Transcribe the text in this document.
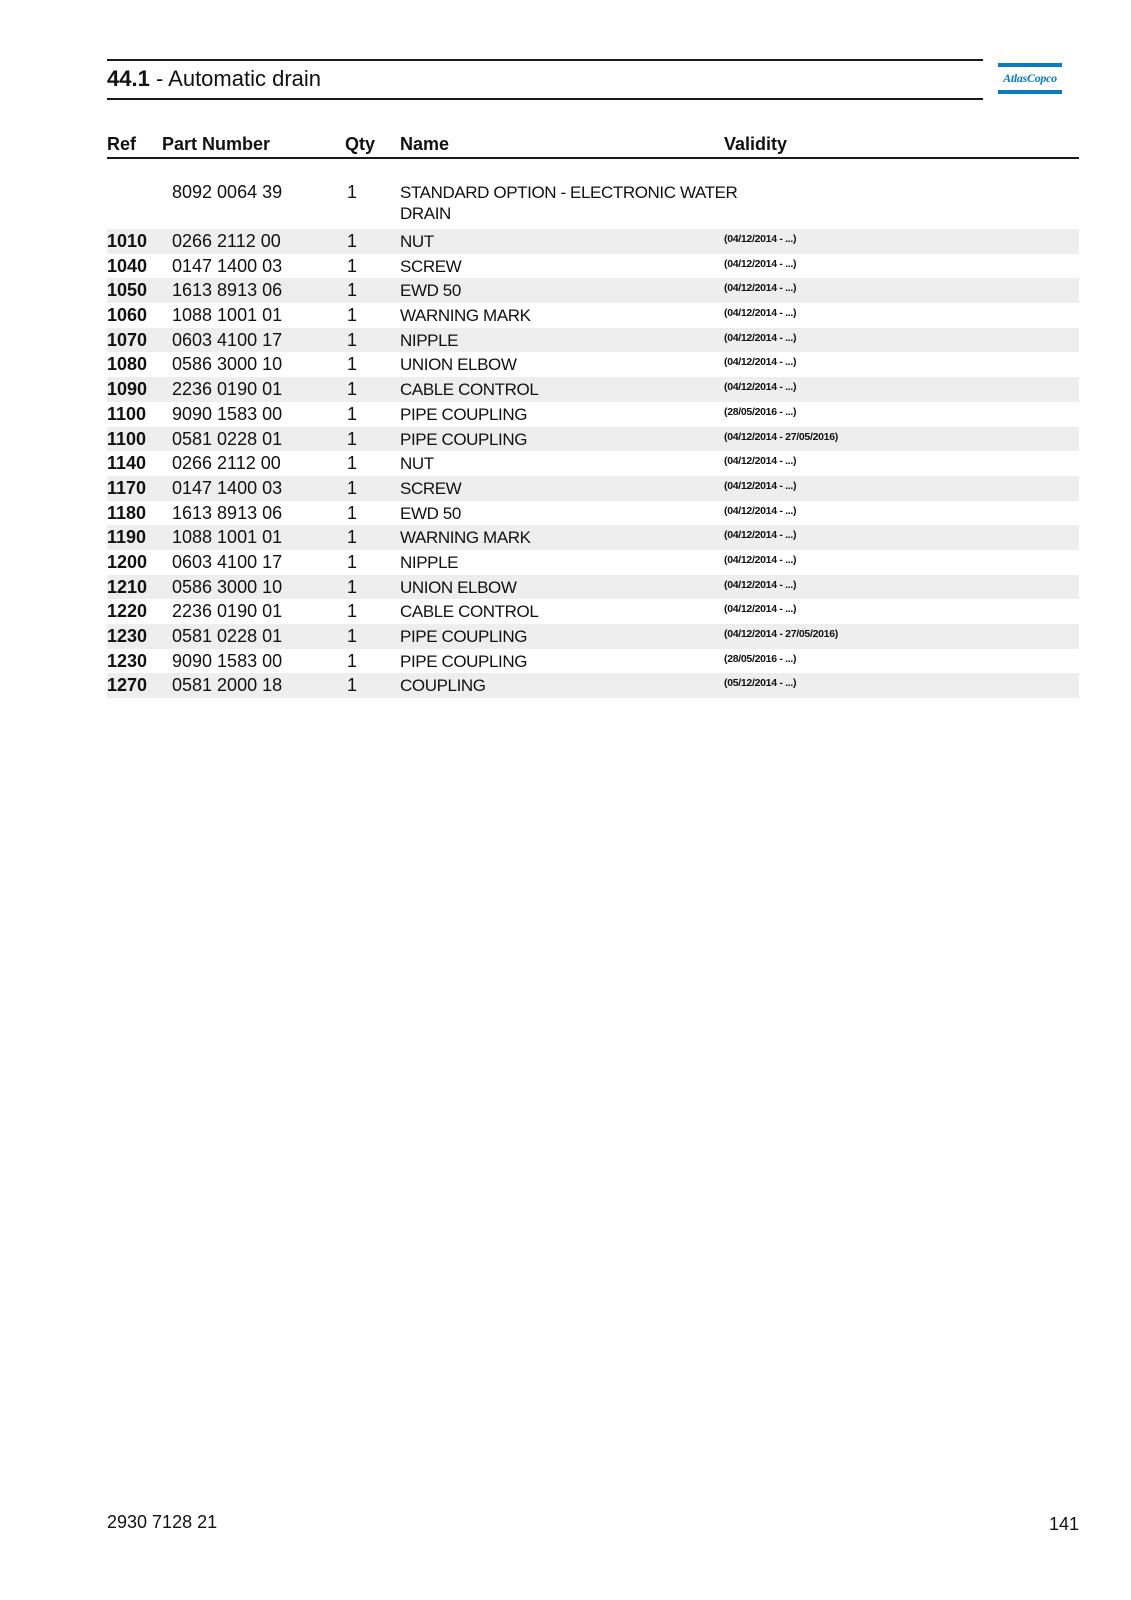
44.1 - Automatic drain	AtlasCopco
Ref Part Number	Qty Name	Validity
8092 0064 39	1	STANDARD OPTION - ELECTRONIC WATER DRAIN
1010 0266 2112 00	1	NUT	(04/12/2014 - ...)
1040 0147 1400 03	1	SCREW	(04/12/2014 - ...)
1050 1613 8913 06	1	EWD 50	(04/12/2014 - ...)
1060 1088 1001 01	1	WARNING MARK	(04/12/2014 - ...)
1070 0603 4100 17	1	NIPPLE	(04/12/2014 - ...)
1080 0586 3000 10	1	UNION ELBOW	(04/12/2014 - ...)
1090 2236 0190 01	1	CABLE CONTROL	(04/12/2014 - ...)
1100 9090 1583 00	1	PIPE COUPLING	(28/05/2016 - ...)
1100 0581 0228 01	1	PIPE COUPLING	(04/12/2014 - 27/05/2016)
1140 0266 2112 00	1	NUT	(04/12/2014 - ...)
1170 0147 1400 03	1	SCREW	(04/12/2014 - ...)
1180 1613 8913 06	1	EWD 50	(04/12/2014 - ...)
1190 1088 1001 01	1	WARNING MARK	(04/12/2014 - ...)
1200 0603 4100 17	1	NIPPLE	(04/12/2014 - ...)
1210 0586 3000 10	1	UNION ELBOW	(04/12/2014 - ...)
1220 2236 0190 01	1	CABLE CONTROL	(04/12/2014 - ...)
1230 0581 0228 01	1	PIPE COUPLING	(04/12/2014 - 27/05/2016)
1230 9090 1583 00	1	PIPE COUPLING	(28/05/2016 - ...)
1270 0581 2000 18	1	COUPLING	(05/12/2014 - ...)
2930 7128 21	141
